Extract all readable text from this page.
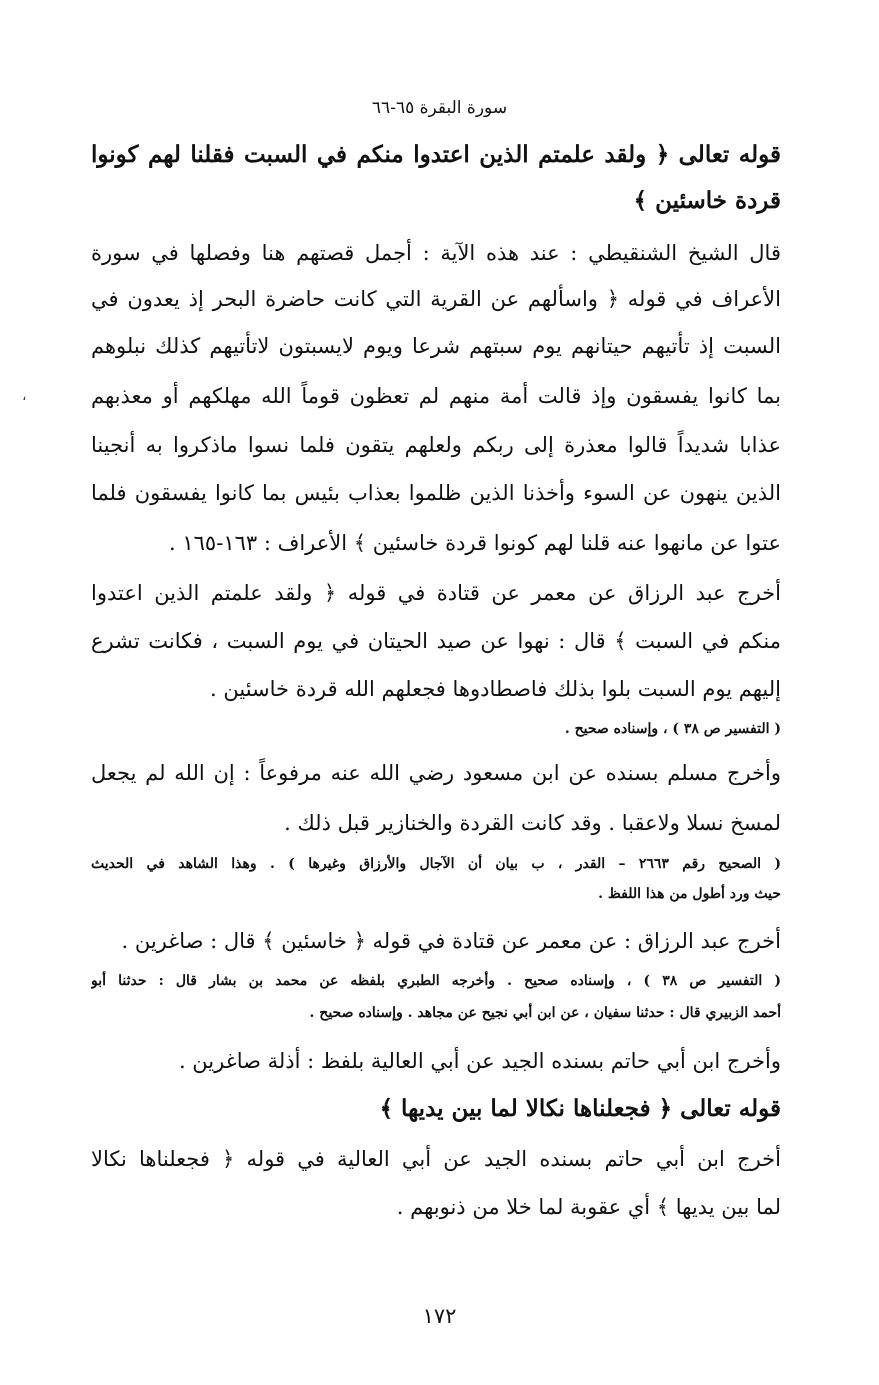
سورة البقرة ٦٥-٦٦
قوله تعالى ﴿ ولقد علمتم الذين اعتدوا منكم في السبت فقلنا لهم كونوا
قردة خاسئين ﴾
قال الشيخ الشنقيطي : عند هذه الآية : أجمل قصتهم هنا وفصلها في سورة
الأعراف في قوله ﴿ واسألهم عن القرية التي كانت حاضرة البحر إذ يعدون في
السبت إذ تأتيهم حيتانهم يوم سبتهم شرعا ويوم لايسبتون لاتأتيهم كذلك نبلوهم
بما كانوا يفسقون وإذ قالت أمة منهم لم تعظون قوماً الله مهلكهم أو معذبهم
عذابا شديداً قالوا معذرة إلى ربكم ولعلهم يتقون فلما نسوا ماذكروا به أنجينا
الذين ينهون عن السوء وأخذنا الذين ظلموا بعذاب بئيس بما كانوا يفسقون فلما
عتوا عن مانهوا عنه قلنا لهم كونوا قردة خاسئين ﴾ الأعراف : ١٦٣-١٦٥ .
أخرج عبد الرزاق عن معمر عن قتادة في قوله ﴿ ولقد علمتم الذين اعتدوا
منكم في السبت ﴾ قال : نهوا عن صيد الحيتان في يوم السبت ، فكانت تشرع
إليهم يوم السبت بلوا بذلك فاصطادوها فجعلهم الله قردة خاسئين .
( التفسير ص ٣٨ ) ، وإسناده صحيح .
وأخرج مسلم بسنده عن ابن مسعود رضي الله عنه مرفوعاً : إن الله لم يجعل
لمسخ نسلا ولاعقبا . وقد كانت القردة والخنازير قبل ذلك .
( الصحيح رقم ٢٦٦٣ – القدر ، ب بيان أن الآجال والأرزاق وغيرها ) . وهذا الشاهد في الحديث
حيث ورد أطول من هذا اللفظ .
أخرج عبد الرزاق : عن معمر عن قتادة في قوله ﴿ خاسئين ﴾ قال : صاغرين .
( التفسير ص ٣٨ ) ، وإسناده صحيح . وأخرجه الطبري بلفظه عن محمد بن بشار قال : حدثنا أبو
أحمد الزبيري قال : حدثنا سفيان ، عن ابن أبي نجيح عن مجاهد . وإسناده صحيح .
وأخرج ابن أبي حاتم بسنده الجيد عن أبي العالية بلفظ : أذلة صاغرين .
قوله تعالى ﴿ فجعلناها نكالا لما بين يديها ﴾
أخرج ابن أبي حاتم بسنده الجيد عن أبي العالية في قوله ﴿ فجعلناها نكالا
لما بين يديها ﴾ أي عقوبة لما خلا من ذنوبهم .
،
١٧٢
